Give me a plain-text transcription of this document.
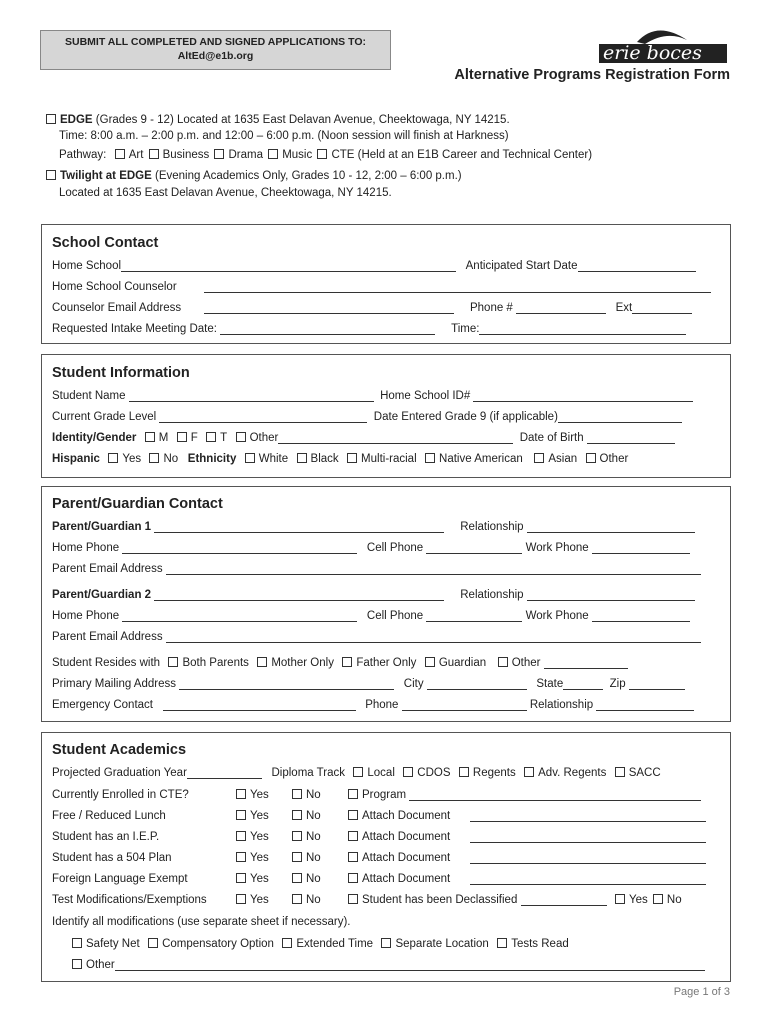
SUBMIT ALL COMPLETED AND SIGNED APPLICATIONS TO:
AltEd@e1b.org	erie boces
Alternative Programs Registration Form
EDGE (Grades 9 - 12) Located at 1635 East Delavan Avenue, Cheektowaga, NY 14215.
Time: 8:00 a.m. – 2:00 p.m. and 12:00 – 6:00 p.m. (Noon session will finish at Harkness)
Pathway: Art Business Drama Music CTE (Held at an E1B Career and Technical Center)
Twilight at EDGE (Evening Academics Only, Grades 10 - 12, 2:00 – 6:00 p.m.)
Located at 1635 East Delavan Avenue, Cheektowaga, NY 14215.
School Contact
Home School	Anticipated Start Date
Home School Counselor
Counselor Email Address	Phone #	Ext
Requested Intake Meeting Date:	Time:
Student Information
Student Name	Home School ID#
Current Grade Level	Date Entered Grade 9 (if applicable)
Identity/Gender M F T Other	Date of Birth
Hispanic Yes No Ethnicity White Black Multi-racial Native American Asian Other
Parent/Guardian Contact
Parent/Guardian 1	Relationship
Home Phone	Cell Phone	Work Phone
Parent Email Address
Parent/Guardian 2	Relationship
Home Phone	Cell Phone	Work Phone
Parent Email Address
Student Resides with Both Parents Mother Only Father Only Guardian Other
Primary Mailing Address	City	State	Zip
Emergency Contact	Phone	Relationship
Student Academics
Projected Graduation Year	Diploma Track Local CDOS Regents Adv. Regents SACC
Currently Enrolled in CTE?	Yes	No	Program
Free / Reduced Lunch	Yes	No	Attach Document
Student has an I.E.P.	Yes	No	Attach Document
Student has a 504 Plan	Yes	No	Attach Document
Foreign Language Exempt	Yes	No	Attach Document
Test Modifications/Exemptions	Yes	No	Student has been Declassified	Yes No
Identify all modifications (use separate sheet if necessary).
Safety Net Compensatory Option Extended Time Separate Location Tests Read
Other
Page 1 of 3
